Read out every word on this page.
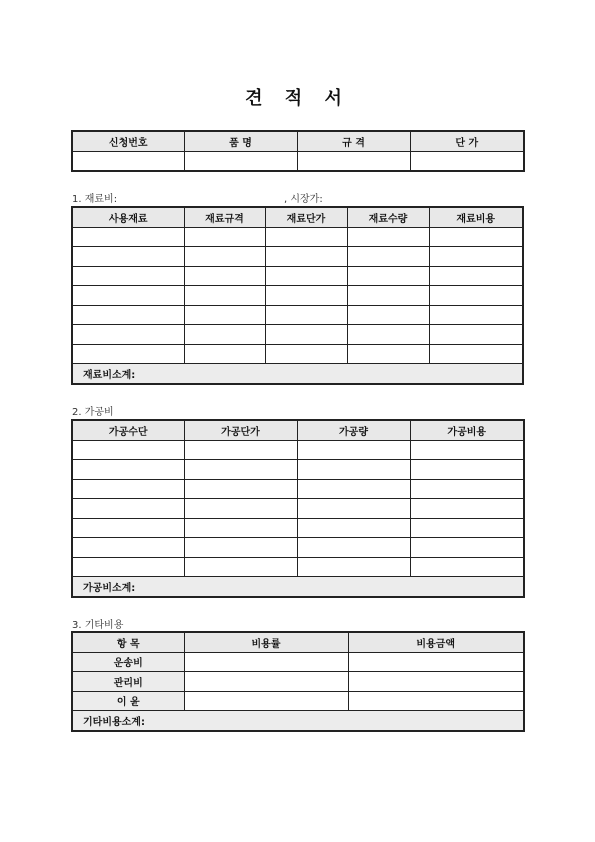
견 적 서
신청번호	품 명	규 격	단 가

1. 재료비:	, 시장가:
사용재료	재료규격	재료단가	재료수량	재료비용

재료비소계:				
2. 가공비
가공수단	가공단가	가공량	가공비용

가공비소계:			
3. 기타비용
항 목	비용률	비용금액
운송비		
관리비		
이 윤		
기타비용소계:		
